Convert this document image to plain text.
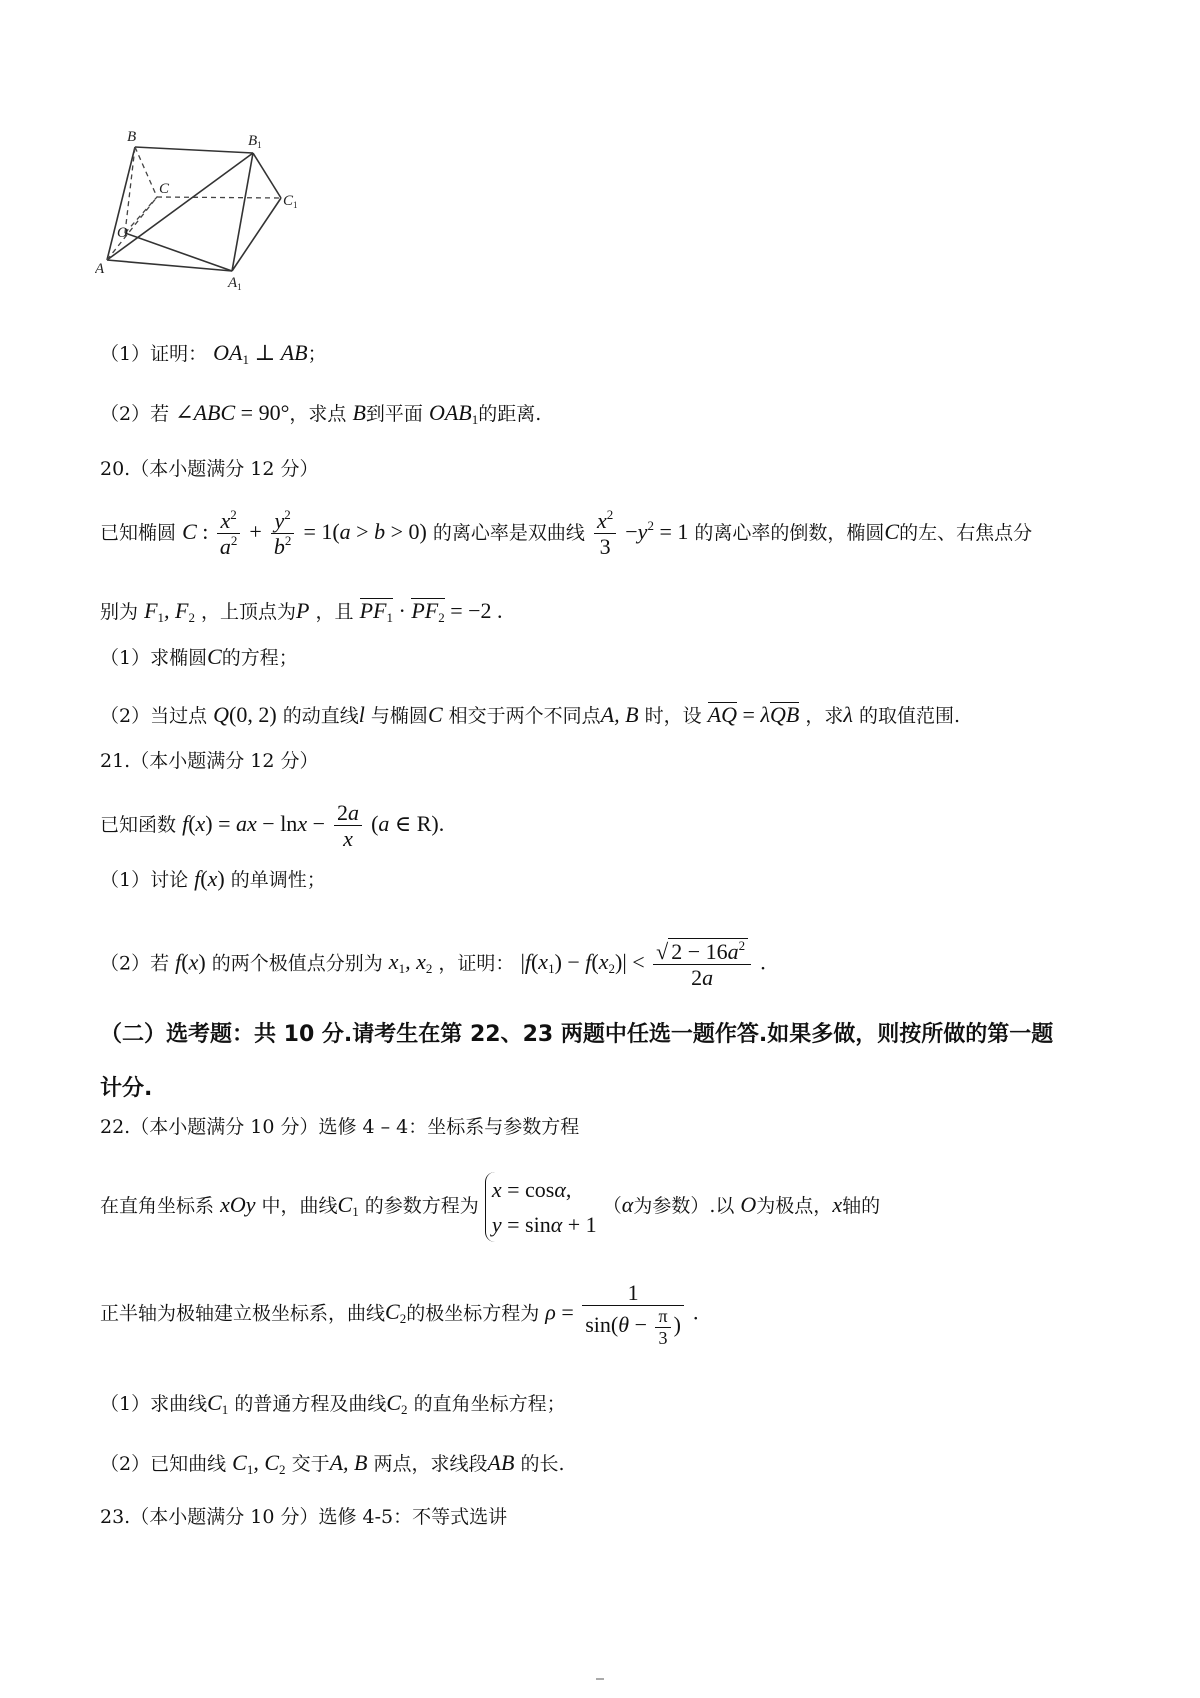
B	$B_1$
C
$C_1$
O
A
$A_1$
（1）证明： $OA_1$ ⊥ AB；
（2）若 ∠ABC = 90°，求点 B到平面 $OAB_1$的距离.
20.（本小题满分 12 分）
已知椭圆 C : $\frac{x^2}{a^2} + \frac{y^2}{b^2} = 1(a > b > 0)$ 的离心率是双曲线 $\frac{x^2}{3} -y^2 = 1$ 的离心率的倒数，椭圆C的左、右焦点分
别为 $F_1$, $F_2$ ，上顶点为P ，且 $PF_1 \cdot PF_2 = -2$ .
（1）求椭圆C的方程；
（2）当过点 Q(0, 2) 的动直线l 与椭圆C 相交于两个不同点A, B 时，设 AQ = λQB ，求λ 的取值范围.
21.（本小题满分 12 分）
已知函数 f(x) = ax − $\ln x - \frac{2a}{x} (a$ ∈ R).
（1）讨论 f(x) 的单调性；
（2）若 f(x) 的两个极值点分别为 $x_1$, $x_2$ ，证明： $|f(x_1) - f(x_2)| < \frac{√ 2 - 16a^2}{2a}$ .
（二）选考题：共 10 分.请考生在第 22、23 两题中任选一题作答.如果多做，则按所做的第一题
计分.
22.（本小题满分 10 分）选修 4 – 4：坐标系与参数方程
在直角坐标系 xOy 中，曲线$C_1$ 的参数方程为 x = cosα,
y = sinα + 1 （α为参数）.以 O为极点，x轴的
正半轴为极轴建立极坐标系，曲线$C_2$的极坐标方程为 $\rho = \frac{1}{\sin(\theta - \frac{\pi}{3} )}$ .
（1）求曲线$C_1$ 的普通方程及曲线$C_2$ 的直角坐标方程；
（2）已知曲线 $C_1$, $C_2$ 交于A, B 两点，求线段AB 的长.
23.（本小题满分 10 分）选修 4-5：不等式选讲
